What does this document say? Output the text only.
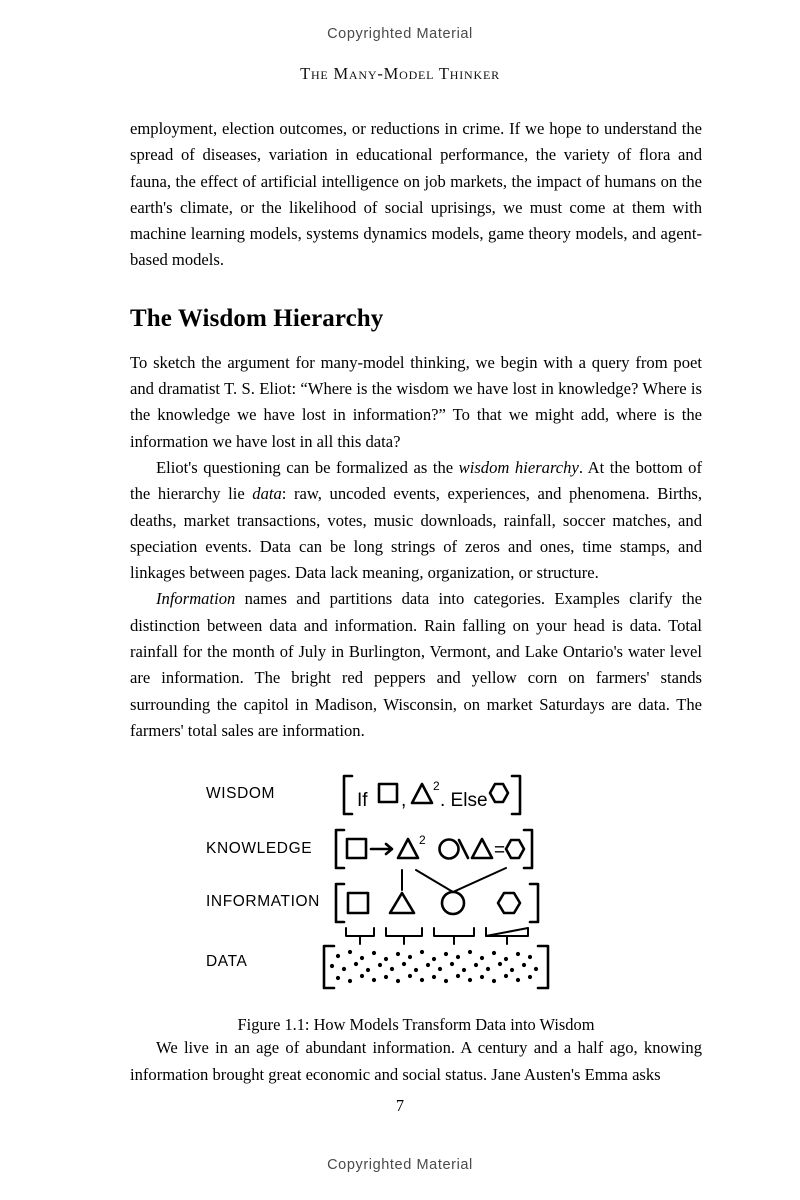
Copyrighted Material
The Many-Model Thinker

employment, election outcomes, or reductions in crime. If we hope to understand the spread of diseases, variation in educational performance, the variety of flora and fauna, the effect of artificial intelligence on job markets, the impact of humans on the earth's climate, or the likelihood of social uprisings, we must come at them with machine learning models, systems dynamics models, game theory models, and agent-based models.

The Wisdom Hierarchy

To sketch the argument for many-model thinking, we begin with a query from poet and dramatist T. S. Eliot: “Where is the wisdom we have lost in knowledge? Where is the knowledge we have lost in information?” To that we might add, where is the information we have lost in all this data?

Eliot's questioning can be formalized as the wisdom hierarchy. At the bottom of the hierarchy lie data: raw, uncoded events, experiences, and phenomena. Births, deaths, market transactions, votes, music downloads, rainfall, soccer matches, and speciation events. Data can be long strings of zeros and ones, time stamps, and linkages between pages. Data lack meaning, organization, or structure.

Information names and partitions data into categories. Examples clarify the distinction between data and information. Rain falling on your head is data. Total rainfall for the month of July in Burlington, Vermont, and Lake Ontario's water level are information. The bright red peppers and yellow corn on farmers' stands surrounding the capitol in Madison, Wisconsin, on market Saturdays are data. The farmers' total sales are information.

WISDOM	If ,
2
. Else
KNOWLEDGE	2	=
INFORMATION
DATA
Figure 1.1: How Models Transform Data into Wisdom

We live in an age of abundant information. A century and a half ago, knowing information brought great economic and social status. Jane Austen's Emma asks

7
Copyrighted Material
